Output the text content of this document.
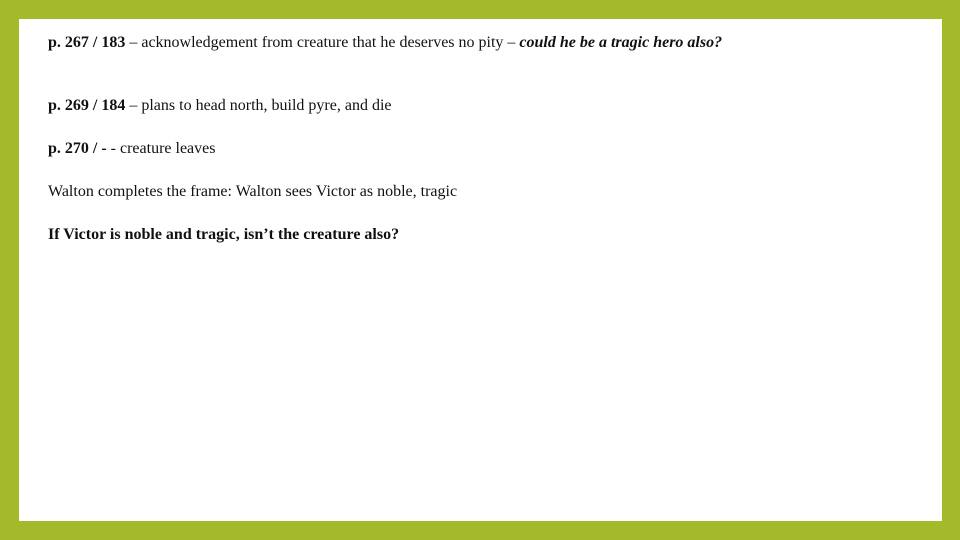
p. 267 / 183 – acknowledgement from creature that he deserves no pity – could he be a tragic hero also?

p. 269 / 184 – plans to head north, build pyre, and die

p. 270 / - - creature leaves

Walton completes the frame: Walton sees Victor as noble, tragic

If Victor is noble and tragic, isn’t the creature also?
